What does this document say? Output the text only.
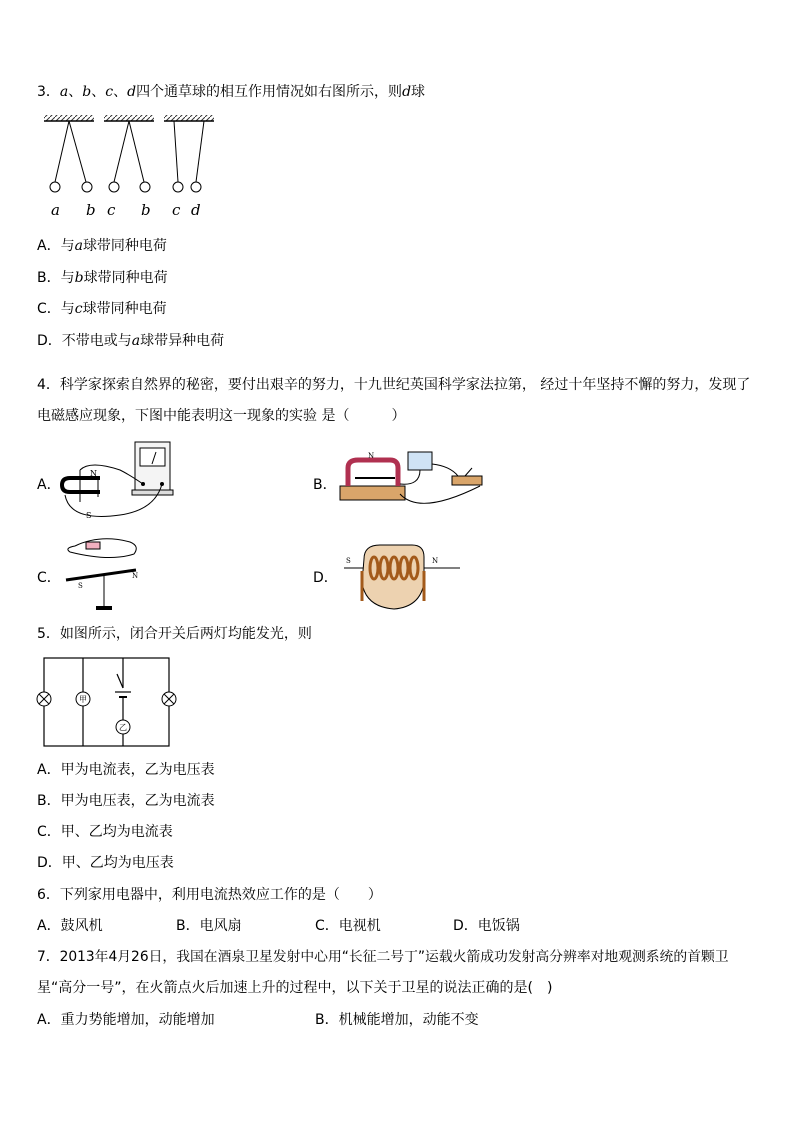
3．a、b、c、d四个通草球的相互作用情况如右图所示，则d球
a b c b c d
A．与a球带同种电荷
B．与b球带同种电荷
C．与c球带同种电荷
D．不带电或与a球带异种电荷
4．科学家探索自然界的秘密，要付出艰辛的努力，十九世纪英国科学家法拉第， 经过十年坚持不懈的努力，发现了
电磁感应现象，下图中能表明这一现象的实验 是（　　　）
A．
N
S
B．
N
C． S
N	D．
S	N
5．如图所示，闭合开关后两灯均能发光，则
甲
乙
A．甲为电流表，乙为电压表
B．甲为电压表，乙为电流表
C．甲、乙均为电流表
D．甲、乙均为电压表
6．下列家用电器中，利用电流热效应工作的是（　　）
A．鼓风机	B．电风扇	C．电视机	D．电饭锅
7．2013年4月26日，我国在酒泉卫星发射中心用“长征二号丁”运载火箭成功发射高分辨率对地观测系统的首颗卫
星“高分一号”，在火箭点火后加速上升的过程中，以下关于卫星的说法正确的是(　)
A．重力势能增加，动能增加	B．机械能增加，动能不变
